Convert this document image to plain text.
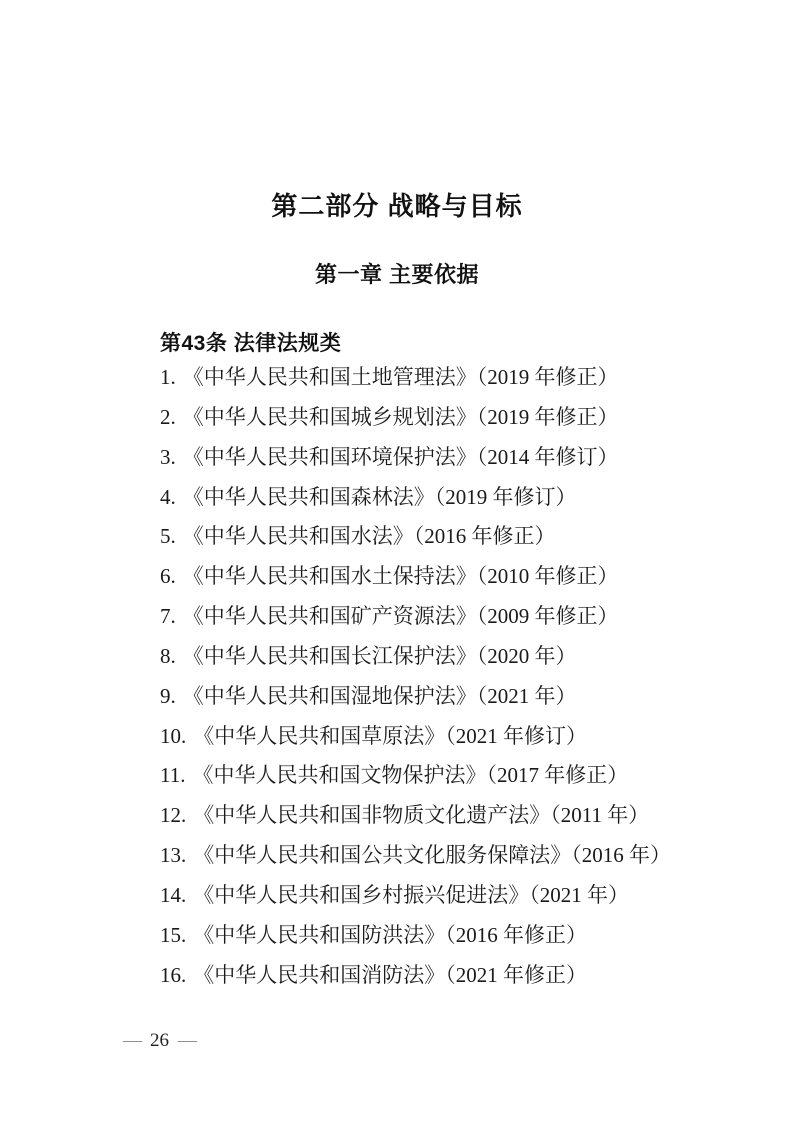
第二部分 战略与目标
第一章 主要依据
第43条 法律法规类
1. 《中华人民共和国土地管理法》（2019 年修正）
2. 《中华人民共和国城乡规划法》（2019 年修正）
3. 《中华人民共和国环境保护法》（2014 年修订）
4. 《中华人民共和国森林法》（2019 年修订）
5. 《中华人民共和国水法》（2016 年修正）
6. 《中华人民共和国水土保持法》（2010 年修正）
7. 《中华人民共和国矿产资源法》（2009 年修正）
8. 《中华人民共和国长江保护法》（2020 年）
9. 《中华人民共和国湿地保护法》（2021 年）
10. 《中华人民共和国草原法》（2021 年修订）
11. 《中华人民共和国文物保护法》（2017 年修正）
12. 《中华人民共和国非物质文化遗产法》（2011 年）
13. 《中华人民共和国公共文化服务保障法》（2016 年）
14. 《中华人民共和国乡村振兴促进法》（2021 年）
15. 《中华人民共和国防洪法》（2016 年修正）
16. 《中华人民共和国消防法》（2021 年修正）
— 26 —
